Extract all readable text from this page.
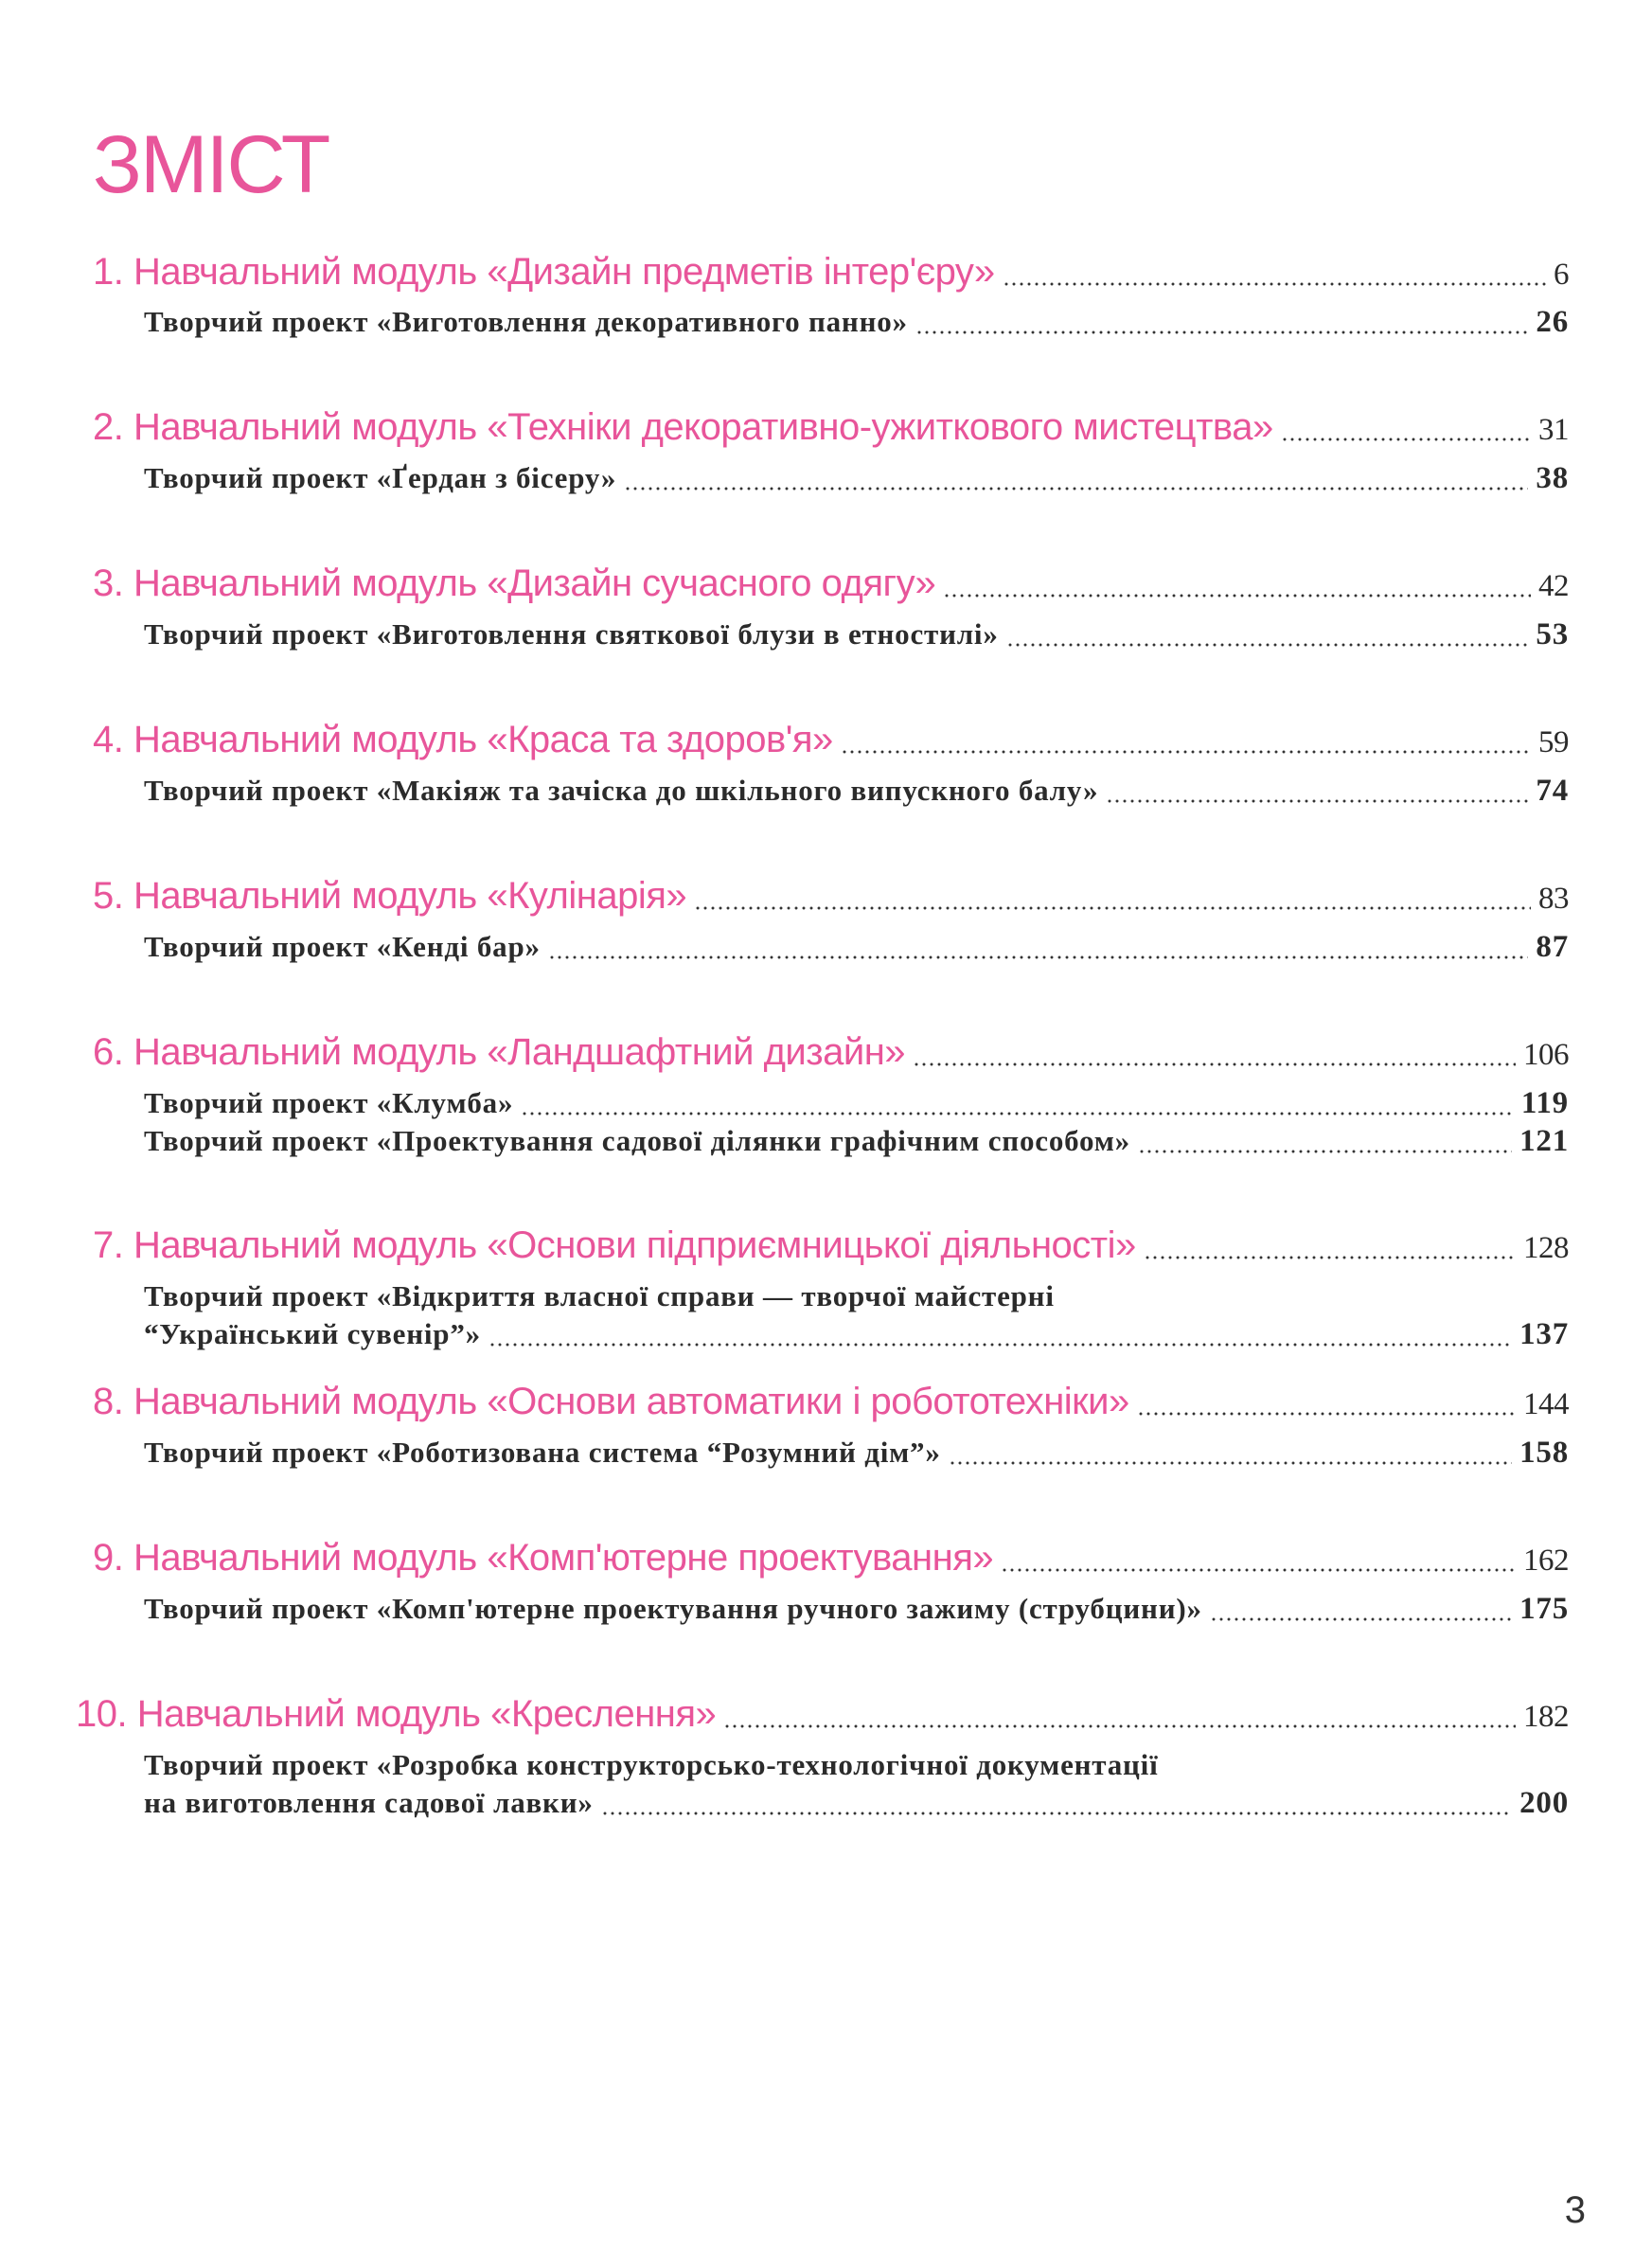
ЗМІСТ
1. Навчальний модуль «Дизайн предметів інтер'єру»	6
Творчий проект «Виготовлення декоративного панно»	26
2. Навчальний модуль «Техніки декоративно-ужиткового мистецтва»	31
Творчий проект «Ґердан з бісеру»	38
3. Навчальний модуль «Дизайн сучасного одягу»	42
Творчий проект «Виготовлення святкової блузи в етностилі»	53
4. Навчальний модуль «Краса та здоров'я»	59
Творчий проект «Макіяж та зачіска до шкільного випускного балу»	74
5. Навчальний модуль «Кулінарія»	83
Творчий проект «Кенді бар»	87
6. Навчальний модуль «Ландшафтний дизайн»	106
Творчий проект «Клумба»	119
Творчий проект «Проектування садової ділянки графічним способом»	121
7. Навчальний модуль «Основи підприємницької діяльності»	128
Творчий проект «Відкриття власної справи — творчої майстерні
“Український сувенір”»	137
8. Навчальний модуль «Основи автоматики і робототехніки»	144
Творчий проект «Роботизована система “Розумний дім”»	158
9. Навчальний модуль «Комп'ютерне проектування»	162
Творчий проект «Комп'ютерне проектування ручного зажиму (струбцини)»	175
10. Навчальний модуль «Креслення»	182
Творчий проект «Розробка конструкторсько-технологічної документації
на виготовлення садової лавки»	200
3
